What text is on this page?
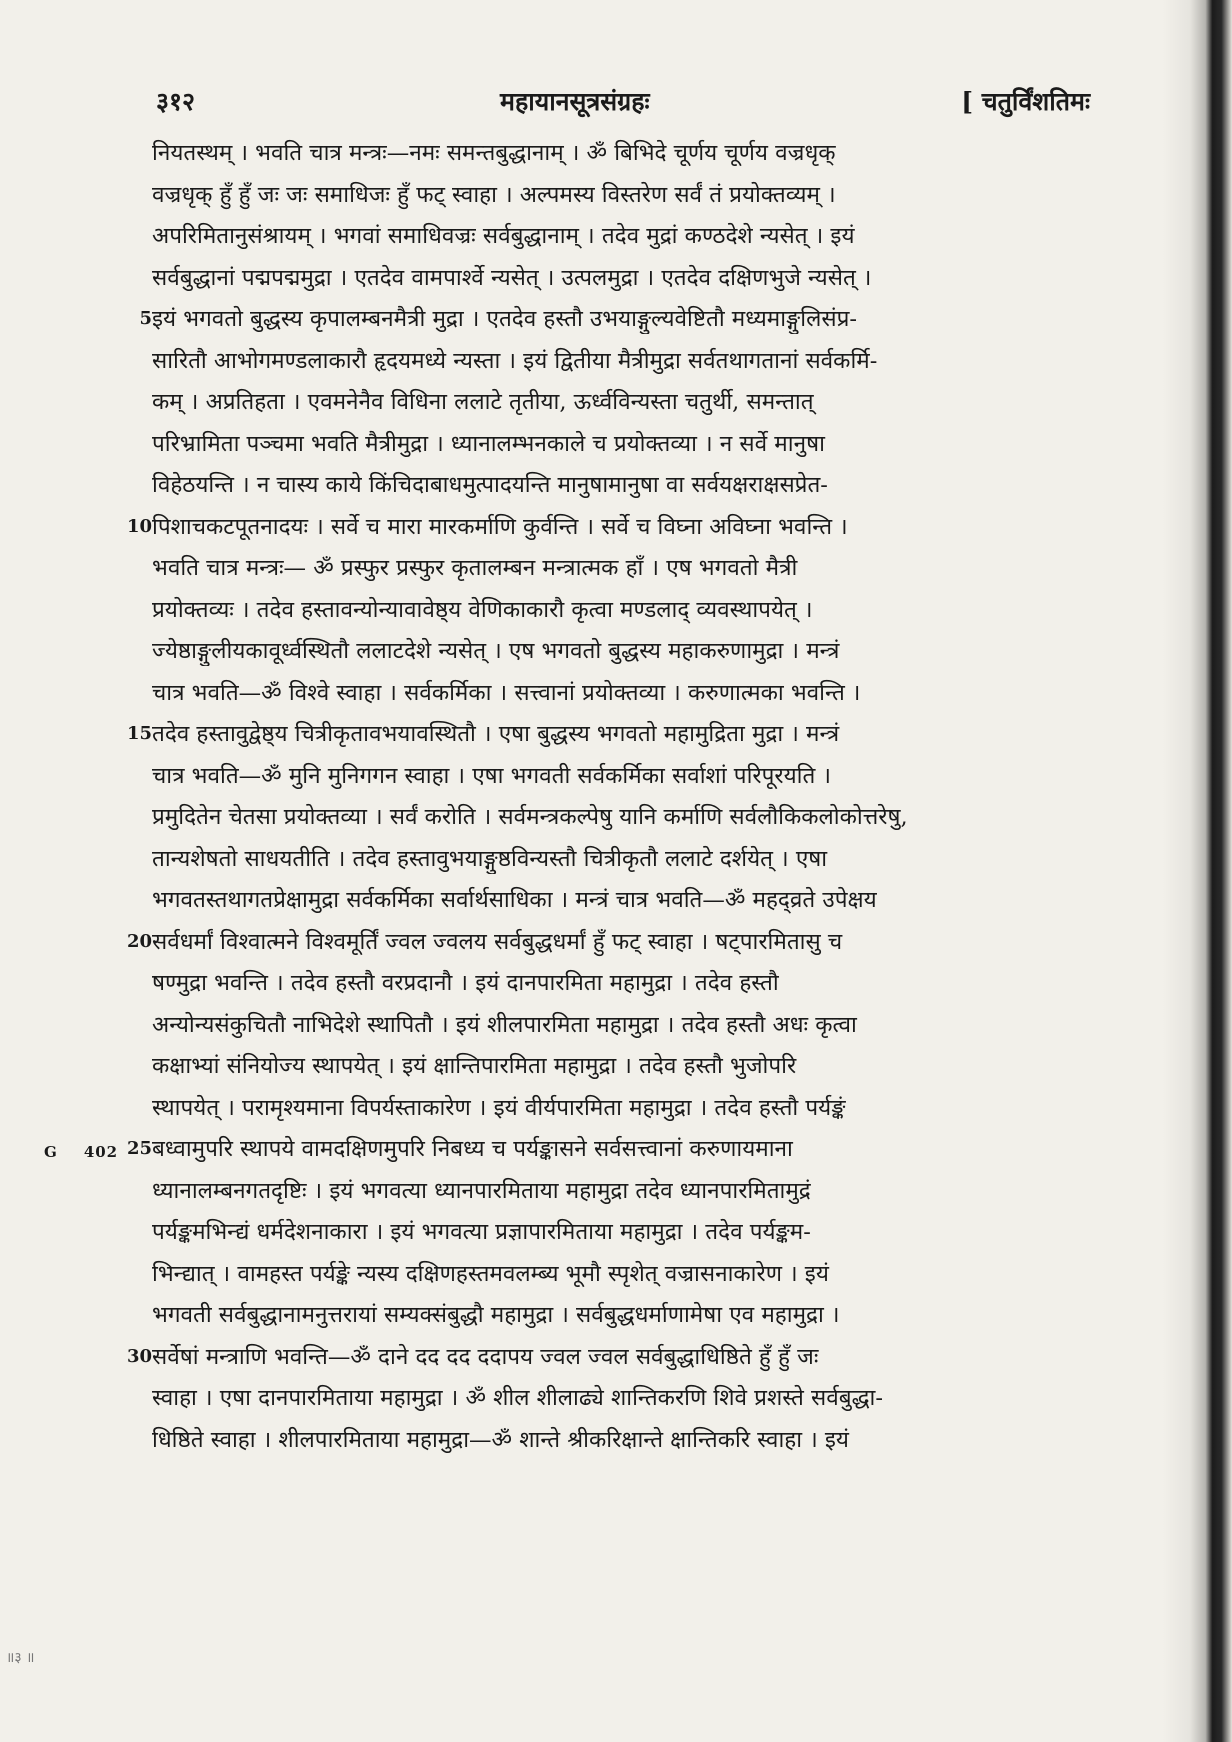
३१२	महायानसूत्रसंग्रहः	[ चतुर्विंशतिमः
नियतस्थम् । भवति चात्र मन्त्रः—नमः समन्तबुद्धानाम् । ॐ बिभिदे चूर्णय चूर्णय वज्रधृक्
वज्रधृक् हुँ हुँ जः जः समाधिजः हुँ फट् स्वाहा । अल्पमस्य विस्तरेण सर्वं तं प्रयोक्तव्यम् ।
अपरिमितानुसंश्रायम् । भगवां समाधिवज्रः सर्वबुद्धानाम् । तदेव मुद्रां कण्ठदेशे न्यसेत् । इयं
सर्वबुद्धानां पद्मपद्ममुद्रा । एतदेव वामपार्श्वे न्यसेत् । उत्पलमुद्रा । एतदेव दक्षिणभुजे न्यसेत् ।
इयं भगवतो बुद्धस्य कृपालम्बनमैत्री मुद्रा । एतदेव हस्तौ उभयाङ्गुल्यवेष्टितौ मध्यमाङ्गुलिसंप्र-
5
सारितौ आभोगमण्डलाकारौ हृदयमध्ये न्यस्ता । इयं द्वितीया मैत्रीमुद्रा सर्वतथागतानां सर्वकर्मि-
कम् । अप्रतिहता । एवमनेनैव विधिना ललाटे तृतीया, ऊर्ध्वविन्यस्ता चतुर्थी, समन्तात्
परिभ्रामिता पञ्चमा भवति मैत्रीमुद्रा । ध्यानालम्भनकाले च प्रयोक्तव्या । न सर्वे मानुषा
विहेठयन्ति । न चास्य काये किंचिदाबाधमुत्पादयन्ति मानुषामानुषा वा सर्वयक्षराक्षसप्रेत-
पिशाचकटपूतनादयः । सर्वे च मारा मारकर्माणि कुर्वन्ति । सर्वे च विघ्ना अविघ्ना भवन्ति ।
10
भवति चात्र मन्त्रः— ॐ प्रस्फुर प्रस्फुर कृतालम्बन मन्त्रात्मक हाँ । एष भगवतो मैत्री
प्रयोक्तव्यः । तदेव हस्तावन्योन्यावावेष्ठ्य वेणिकाकारौ कृत्वा मण्डलाद् व्यवस्थापयेत् ।
ज्येष्ठाङ्गुलीयकावूर्ध्वस्थितौ ललाटदेशे न्यसेत् । एष भगवतो बुद्धस्य महाकरुणामुद्रा । मन्त्रं
चात्र भवति—ॐ विश्वे स्वाहा । सर्वकर्मिका । सत्त्वानां प्रयोक्तव्या । करुणात्मका भवन्ति ।
तदेव हस्तावुद्वेष्ठ्य चित्रीकृतावभयावस्थितौ । एषा बुद्धस्य भगवतो महामुद्रिता मुद्रा । मन्त्रं
15
चात्र भवति—ॐ मुनि मुनिगगन स्वाहा । एषा भगवती सर्वकर्मिका सर्वाशां परिपूरयति ।
प्रमुदितेन चेतसा प्रयोक्तव्या । सर्वं करोति । सर्वमन्त्रकल्पेषु यानि कर्माणि सर्वलौकिकलोकोत्तरेषु,
तान्यशेषतो साधयतीति । तदेव हस्तावुभयाङ्गुष्ठविन्यस्तौ चित्रीकृतौ ललाटे दर्शयेत् । एषा
भगवतस्तथागतप्रेक्षामुद्रा सर्वकर्मिका सर्वार्थसाधिका । मन्त्रं चात्र भवति—ॐ महद्व्रते उपेक्षय
सर्वधर्मां विश्वात्मने विश्वमूर्तिं ज्वल ज्वलय सर्वबुद्धधर्मां हुँ फट् स्वाहा । षट्पारमितासु च
20
षण्मुद्रा भवन्ति । तदेव हस्तौ वरप्रदानौ । इयं दानपारमिता महामुद्रा । तदेव हस्तौ
अन्योन्यसंकुचितौ नाभिदेशे स्थापितौ । इयं शीलपारमिता महामुद्रा । तदेव हस्तौ अधः कृत्वा
कक्षाभ्यां संनियोज्य स्थापयेत् । इयं क्षान्तिपारमिता महामुद्रा । तदेव हस्तौ भुजोपरि
स्थापयेत् । परामृश्यमाना विपर्यस्ताकारेण । इयं वीर्यपारमिता महामुद्रा । तदेव हस्तौ पर्यङ्कं
बध्वामुपरि स्थापये वामदक्षिणमुपरि निबध्य च पर्यङ्कासने सर्वसत्त्वानां करुणायमाना
25
ध्यानालम्बनगतदृष्टिः । इयं भगवत्या ध्यानपारमिताया महामुद्रा तदेव ध्यानपारमितामुद्रं
पर्यङ्कमभिन्द्यं धर्मदेशनाकारा । इयं भगवत्या प्रज्ञापारमिताया महामुद्रा । तदेव पर्यङ्कम-
भिन्द्यात् । वामहस्त पर्यङ्के न्यस्य दक्षिणहस्तमवलम्ब्य भूमौ स्पृशेत् वज्रासनाकारेण । इयं
भगवती सर्वबुद्धानामनुत्तरायां सम्यक्संबुद्धौ महामुद्रा । सर्वबुद्धधर्माणामेषा एव महामुद्रा ।
सर्वेषां मन्त्राणि भवन्ति—ॐ दाने दद दद ददापय ज्वल ज्वल सर्वबुद्धाधिष्ठिते हुँ हुँ जः
30
स्वाहा । एषा दानपारमिताया महामुद्रा । ॐ शील शीलाढ्ये शान्तिकरणि शिवे प्रशस्ते सर्वबुद्धा-
धिष्ठिते स्वाहा । शीलपारमिताया महामुद्रा—ॐ शान्ते श्रीकरिक्षान्ते क्षान्तिकरि स्वाहा । इयं
G 402
॥३ ॥
